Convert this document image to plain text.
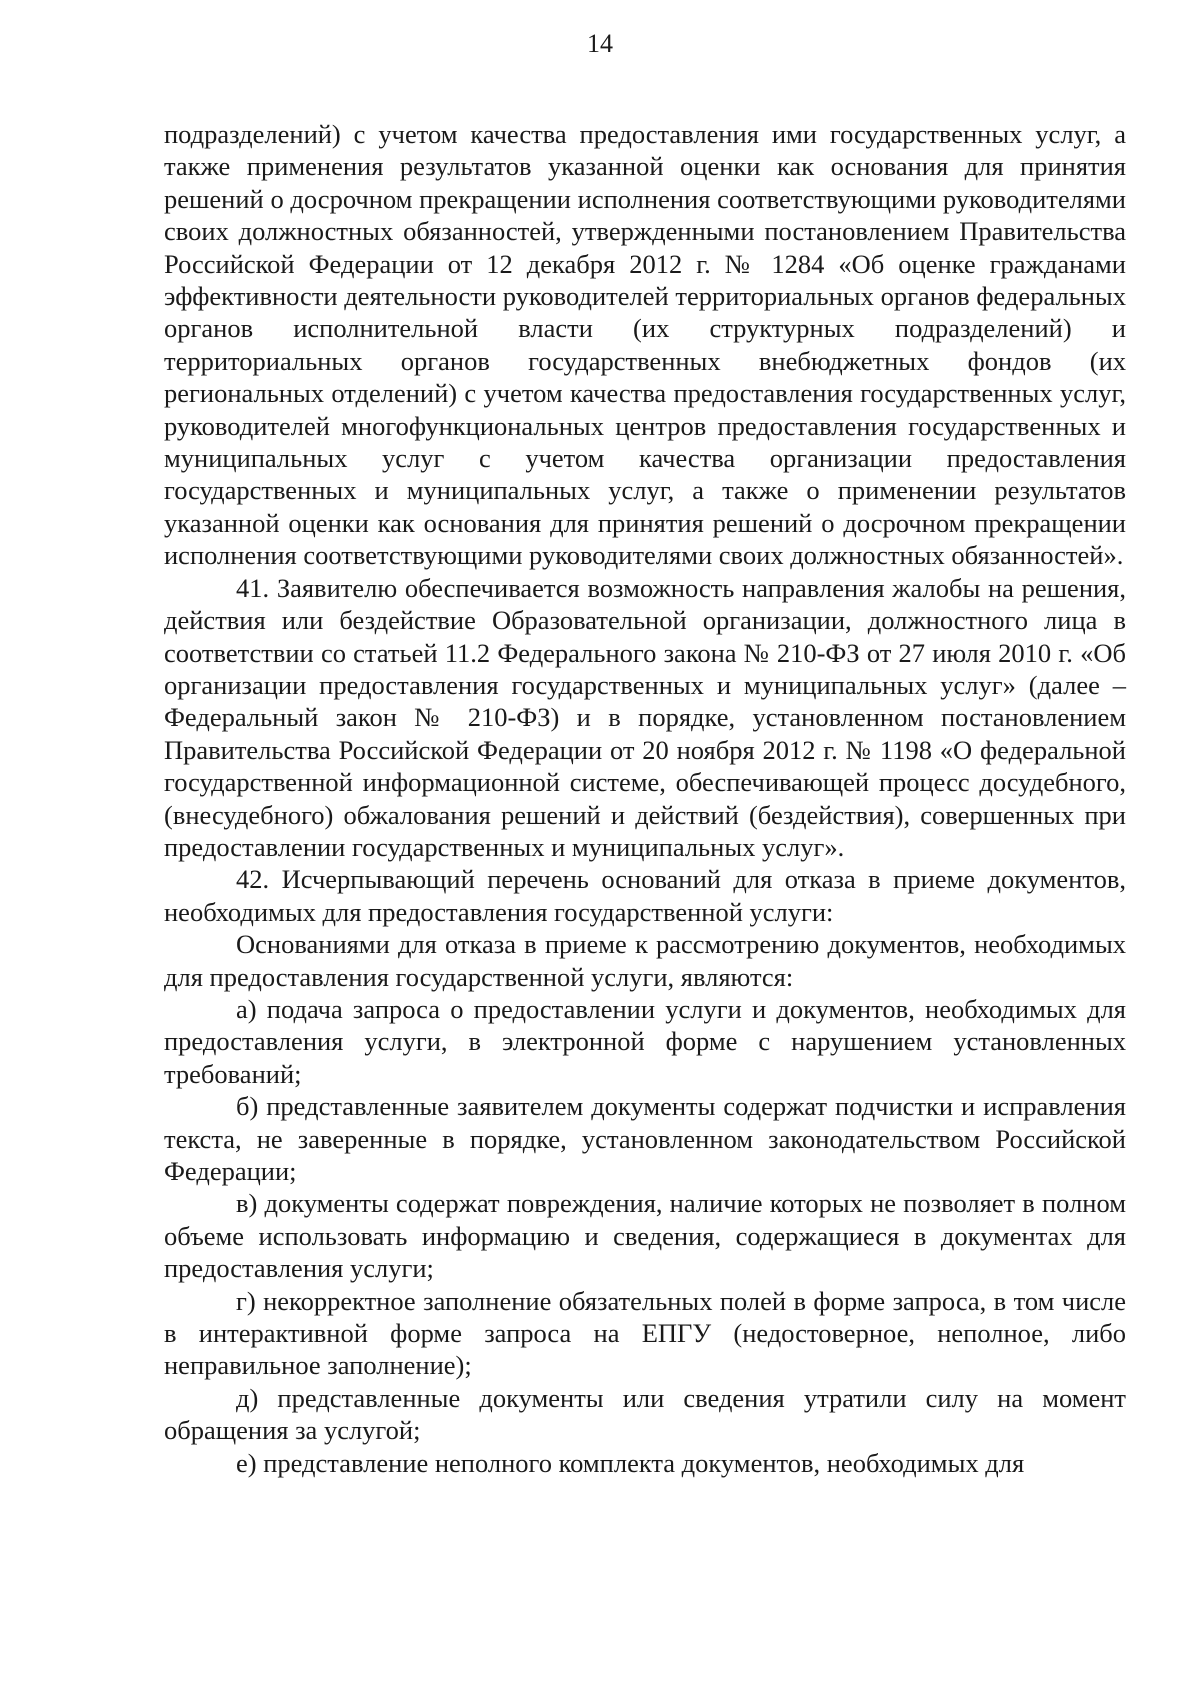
14

подразделений) с учетом качества предоставления ими государственных услуг, а также применения результатов указанной оценки как основания для принятия решений о досрочном прекращении исполнения соответствующими руководителями своих должностных обязанностей, утвержденными постановлением Правительства Российской Федерации от 12 декабря 2012 г. № 1284 «Об оценке гражданами эффективности деятельности руководителей территориальных органов федеральных органов исполнительной власти (их структурных подразделений) и территориальных органов государственных внебюджетных фондов (их региональных отделений) с учетом качества предоставления государственных услуг, руководителей многофункциональных центров предоставления государственных и муниципальных услуг с учетом качества организации предоставления государственных и муниципальных услуг, а также о применении результатов указанной оценки как основания для принятия решений о досрочном прекращении исполнения соответствующими руководителями своих должностных обязанностей».

41. Заявителю обеспечивается возможность направления жалобы на решения, действия или бездействие Образовательной организации, должностного лица в соответствии со статьей 11.2 Федерального закона № 210-ФЗ от 27 июля 2010 г. «Об организации предоставления государственных и муниципальных услуг» (далее – Федеральный закон № 210-ФЗ) и в порядке, установленном постановлением Правительства Российской Федерации от 20 ноября 2012 г. № 1198 «О федеральной государственной информационной системе, обеспечивающей процесс досудебного, (внесудебного) обжалования решений и действий (бездействия), совершенных при предоставлении государственных и муниципальных услуг».

42. Исчерпывающий перечень оснований для отказа в приеме документов, необходимых для предоставления государственной услуги:

Основаниями для отказа в приеме к рассмотрению документов, необходимых для предоставления государственной услуги, являются:

а) подача запроса о предоставлении услуги и документов, необходимых для предоставления услуги, в электронной форме с нарушением установленных требований;

б) представленные заявителем документы содержат подчистки и исправления текста, не заверенные в порядке, установленном законодательством Российской Федерации;

в) документы содержат повреждения, наличие которых не позволяет в полном объеме использовать информацию и сведения, содержащиеся в документах для предоставления услуги;

г) некорректное заполнение обязательных полей в форме запроса, в том числе в интерактивной форме запроса на ЕПГУ (недостоверное, неполное, либо неправильное заполнение);

д) представленные документы или сведения утратили силу на момент обращения за услугой;

е) представление неполного комплекта документов, необходимых для
